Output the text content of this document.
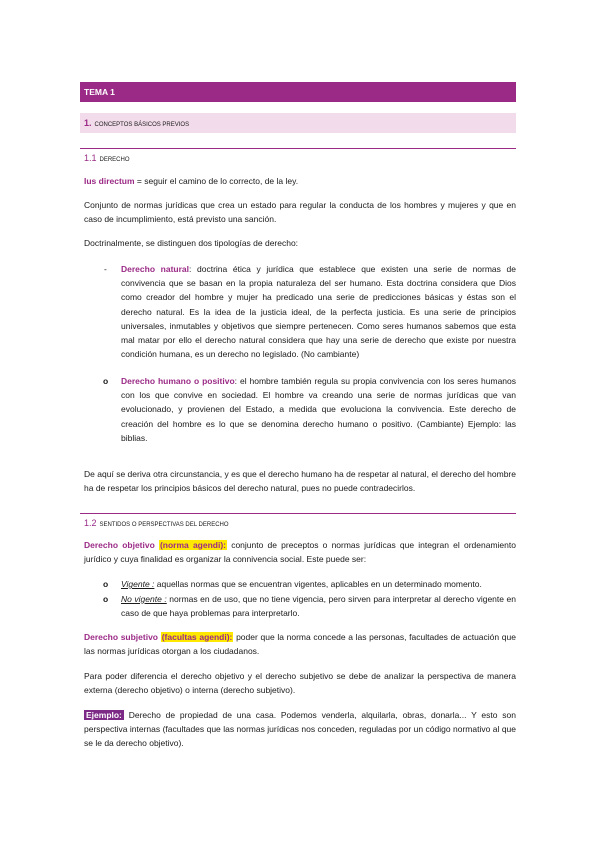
TEMA 1
1. CONCEPTOS BÁSICOS PREVIOS
1.1 DERECHO

Ius directum = seguir el camino de lo correcto, de la ley.

Conjunto de normas jurídicas que crea un estado para regular la conducta de los hombres y mujeres y que en caso de incumplimiento, está previsto una sanción.

Doctrinalmente, se distinguen dos tipologías de derecho:

- Derecho natural: doctrina ética y jurídica que establece que existen una serie de normas de convivencia que se basan en la propia naturaleza del ser humano. Esta doctrina considera que Dios como creador del hombre y mujer ha predicado una serie de predicciones básicas y éstas son el derecho natural. Es la idea de la justicia ideal, de la perfecta justicia. Es una serie de principios universales, inmutables y objetivos que siempre pertenecen. Como seres humanos sabemos que esta mal matar por ello el derecho natural considera que hay una serie de derecho que existe por nuestra condición humana, es un derecho no legislado. (No cambiante)

o Derecho humano o positivo: el hombre también regula su propia convivencia con los seres humanos con los que convive en sociedad. El hombre va creando una serie de normas jurídicas que van evolucionado, y provienen del Estado, a medida que evoluciona la convivencia. Este derecho de creación del hombre es lo que se denomina derecho humano o positivo. (Cambiante) Ejemplo: las biblias.

De aquí se deriva otra circunstancia, y es que el derecho humano ha de respetar al natural, el derecho del hombre ha de respetar los principios básicos del derecho natural, pues no puede contradecirlos.

1.2 SENTIDOS O PERSPECTIVAS DEL DERECHO

Derecho objetivo (norma agendi): conjunto de preceptos o normas jurídicas que integran el ordenamiento jurídico y cuya finalidad es organizar la connivencia social. Este puede ser:

o Vigente : aquellas normas que se encuentran vigentes, aplicables en un determinado momento.

o No vigente : normas en de uso, que no tiene vigencia, pero sirven para interpretar al derecho vigente en caso de que haya problemas para interpretarlo.

Derecho subjetivo (facultas agendi): poder que la norma concede a las personas, facultades de actuación que las normas jurídicas otorgan a los ciudadanos.

Para poder diferencia el derecho objetivo y el derecho subjetivo se debe de analizar la perspectiva de manera externa (derecho objetivo) o interna (derecho subjetivo).

Ejemplo: Derecho de propiedad de una casa. Podemos venderla, alquilarla, obras, donarla... Y esto son perspectiva internas (facultades que las normas jurídicas nos conceden, reguladas por un código normativo al que se le da derecho objetivo).
